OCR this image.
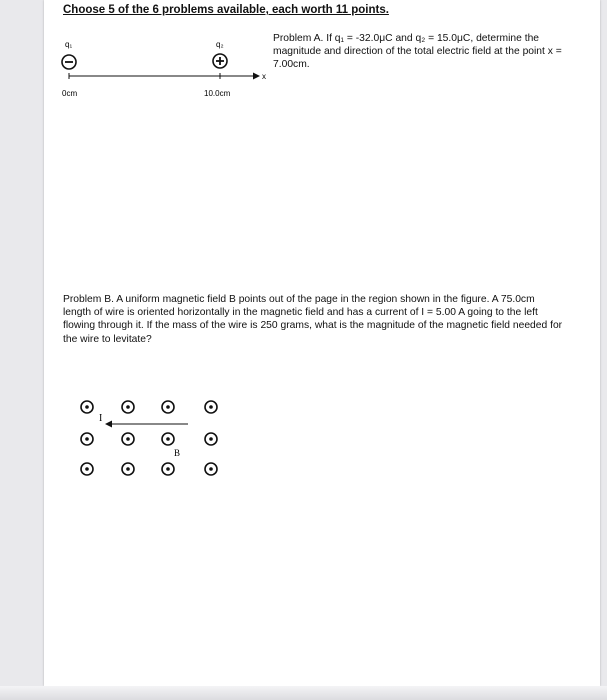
Choose 5 of the 6 problems available, each worth 11 points.

q₁	q₂
x
0cm	10.0cm

Problem A. If q₁ = -32.0μC and q₂ = 15.0μC, determine the magnitude and direction of the total electric field at the point x = 7.00cm.

Problem B. A uniform magnetic field B points out of the page in the region shown in the figure. A 75.0cm length of wire is oriented horizontally in the magnetic field and has a current of I = 5.00 A going to the left flowing through it. If the mass of the wire is 250 grams, what is the magnitude of the magnetic field needed for the wire to levitate?

I
B
